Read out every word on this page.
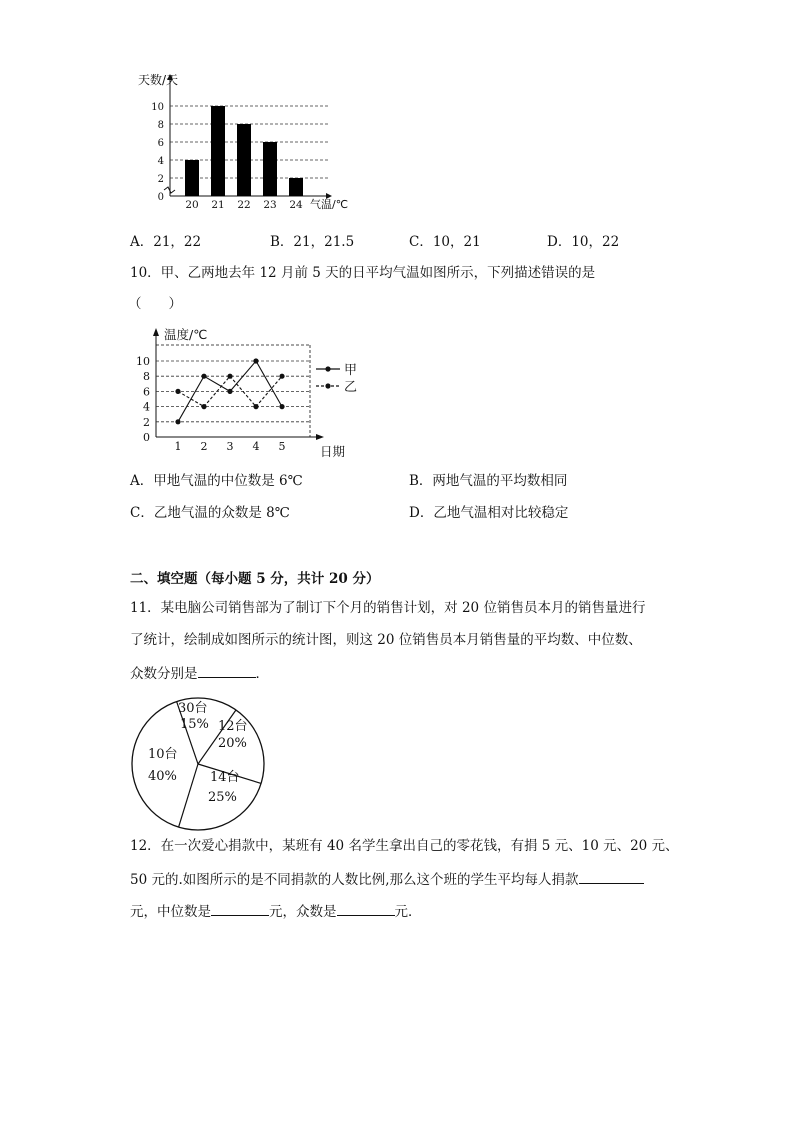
0
2
4
6
8
10
20 21 22 23 24
天数/天
气温/℃
A．21，22	B．21，21.5	C．10，21	D．10，22
10．甲、乙两地去年 12 月前 5 天的日平均气温如图所示，下列描述错误的是
（　　）
0
2
4
6
8
10
1 2 3 4 5
温度/℃
日期
甲
乙
A．甲地气温的中位数是 6℃	B．两地气温的平均数相同
C．乙地气温的众数是 8℃	D．乙地气温相对比较稳定
二、填空题（每小题 5 分，共计 20 分）
11．某电脑公司销售部为了制订下个月的销售计划，对 20 位销售员本月的销售量进行
了统计，绘制成如图所示的统计图，则这 20 位销售员本月销售量的平均数、中位数、
众数分别是	．
30台
15% 12台
20%
14台
25%
10台
40%
12．在一次爱心捐款中，某班有 40 名学生拿出自己的零花钱，有捐 5 元、10 元、20 元、
50 元的.如图所示的是不同捐款的人数比例,那么这个班的学生平均每人捐款
元，中位数是	元，众数是	元．
